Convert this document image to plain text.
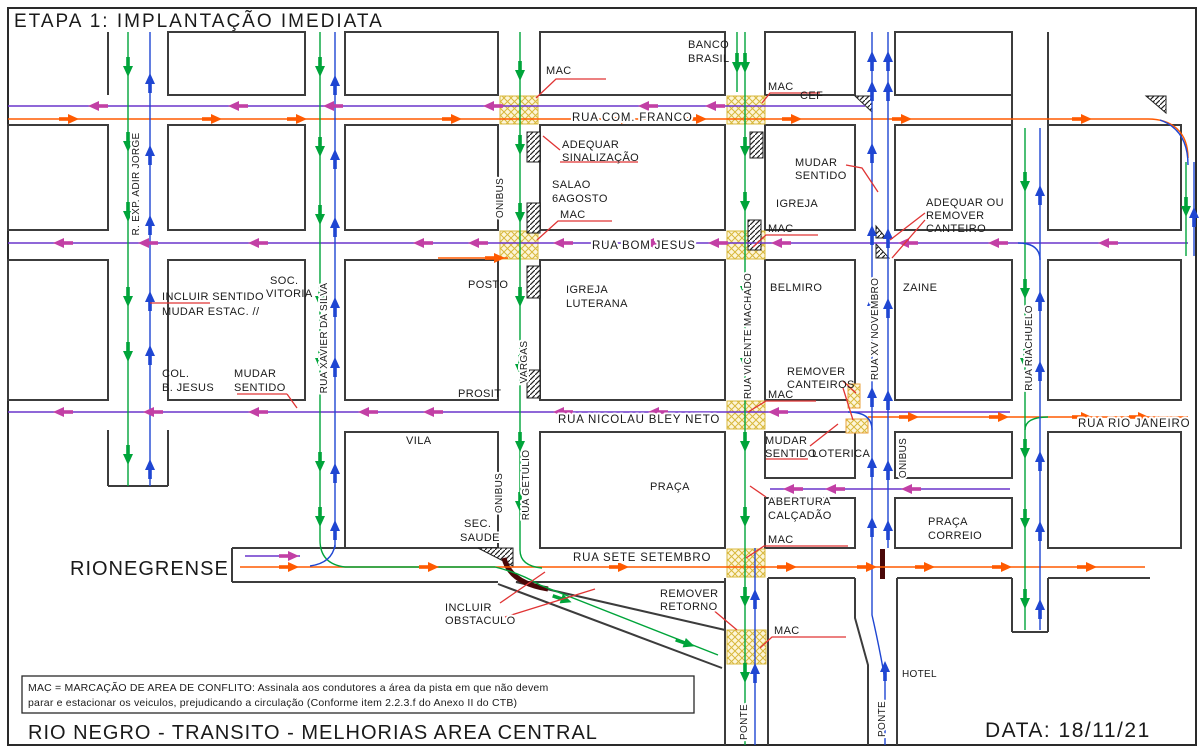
RUA COM. FRANCO
RUA BOM JESUS
RUA NICOLAU BLEY NETO	RUA RIO JANEIRO
RUA SETE SETEMBRO
R. EXP. ADIR JORGE
RUA XAVIER DA SILVA	VARGAS
RUA GETULIO
RUA VICENTE MACHADO	RUA XV NOVEMBRO	RUA RIACHUELO
ONIBUS
ONIBUS
ONIBUS
PONTE	PONTE
RIONEGRENSE
BANCO
BRASIL
CEF
SALAO
6AGOSTO	IGREJA
SOC.
VITORIA
POSTO	IGREJA
LUTERANA
BELMIRO	ZAINE
COL.
B. JESUS	PROSIT
VILA
PRAÇA
LOTERICA
SEC.
SAUDE
PRAÇA
CORREIO
HOTEL
MAC
MAC
MAC
MAC
MAC
MAC
MAC
ADEQUAR
SINALIZAÇÃO	MUDAR
SENTIDO
ADEQUAR OU
REMOVER
CANTEIRO
INCLUIR SENTIDO
MUDAR ESTAC. //
MUDAR
SENTIDO
REMOVER
CANTEIROS
MUDAR
SENTIDO
ABERTURA
CALÇADÃO
REMOVER
RETORNO
INCLUIR
OBSTACULO
ETAPA 1: IMPLANTAÇÃO IMEDIATA
MAC = MARCAÇÃO DE AREA DE CONFLITO: Assinala aos condutores a área da pista em que não devem
parar e estacionar os veiculos, prejudicando a circulação (Conforme item 2.2.3.f do Anexo II do CTB)
RIO NEGRO - TRANSITO - MELHORIAS AREA CENTRAL	DATA: 18/11/21
